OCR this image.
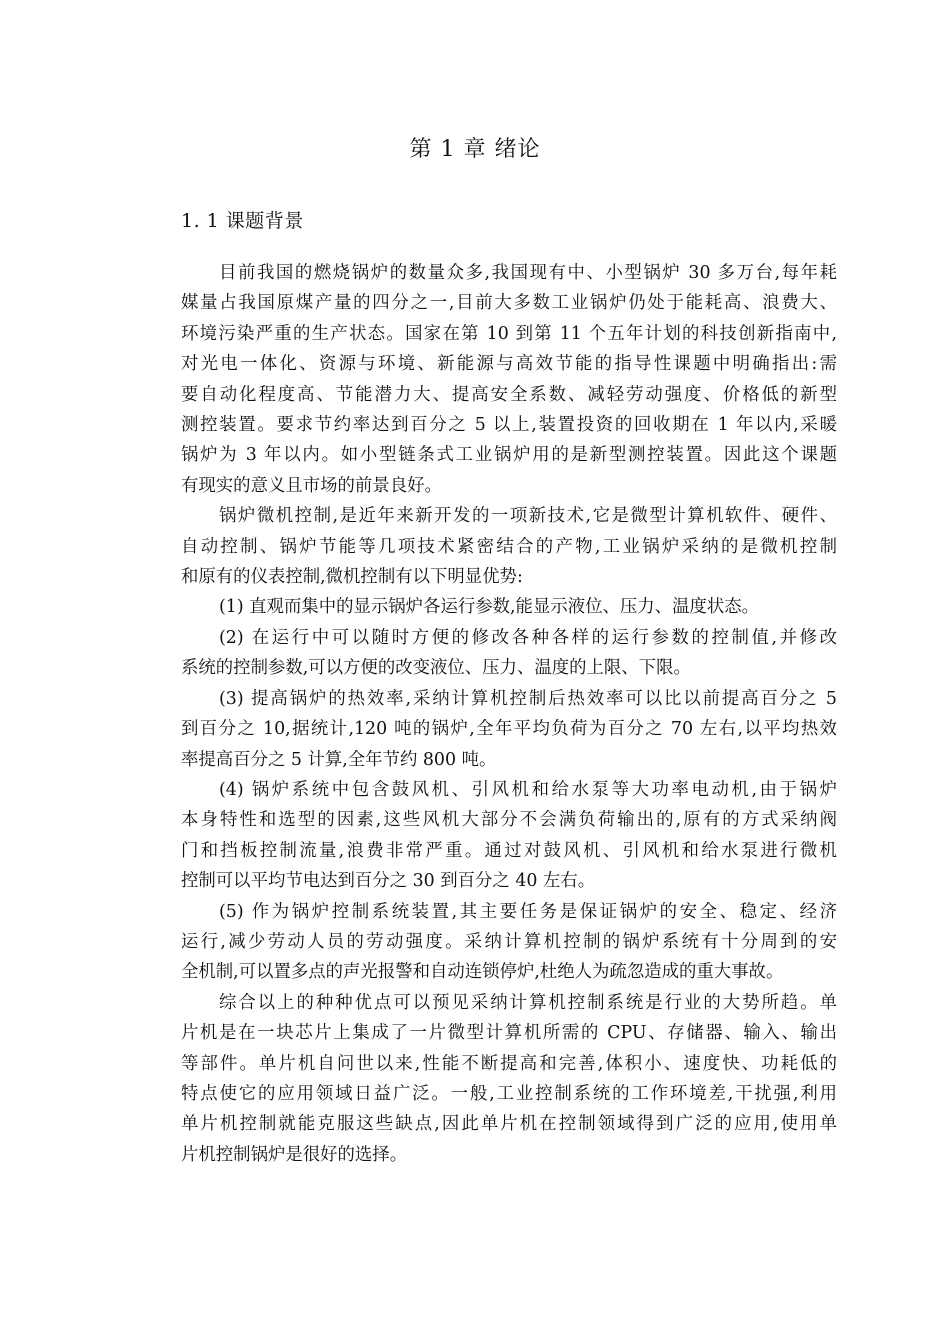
第 1 章 绪论
1. 1 课题背景
目前我国的燃烧锅炉的数量众多,我国现有中、小型锅炉 30 多万台,每年耗
媒量占我国原煤产量的四分之一,目前大多数工业锅炉仍处于能耗高、浪费大、
环境污染严重的生产状态。国家在第 10 到第 11 个五年计划的科技创新指南中,
对光电一体化、资源与环境、新能源与高效节能的指导性课题中明确指出:需
要自动化程度高、节能潜力大、提高安全系数、减轻劳动强度、价格低的新型
测控装置。要求节约率达到百分之 5 以上,装置投资的回收期在 1 年以内,采暖
锅炉为 3 年以内。如小型链条式工业锅炉用的是新型测控装置。因此这个课题
有现实的意义且市场的前景良好。
锅炉微机控制,是近年来新开发的一项新技术,它是微型计算机软件、硬件、
自动控制、锅炉节能等几项技术紧密结合的产物,工业锅炉采纳的是微机控制
和原有的仪表控制,微机控制有以下明显优势:
(1) 直观而集中的显示锅炉各运行参数,能显示液位、压力、温度状态。
(2) 在运行中可以随时方便的修改各种各样的运行参数的控制值,并修改
系统的控制参数,可以方便的改变液位、压力、温度的上限、下限。
(3) 提高锅炉的热效率,采纳计算机控制后热效率可以比以前提高百分之 5
到百分之 10,据统计,120 吨的锅炉,全年平均负荷为百分之 70 左右,以平均热效
率提高百分之 5 计算,全年节约 800 吨。
(4) 锅炉系统中包含鼓风机、引风机和给水泵等大功率电动机,由于锅炉
本身特性和选型的因素,这些风机大部分不会满负荷输出的,原有的方式采纳阀
门和挡板控制流量,浪费非常严重。通过对鼓风机、引风机和给水泵进行微机
控制可以平均节电达到百分之 30 到百分之 40 左右。
(5) 作为锅炉控制系统装置,其主要任务是保证锅炉的安全、稳定、经济
运行,减少劳动人员的劳动强度。采纳计算机控制的锅炉系统有十分周到的安
全机制,可以置多点的声光报警和自动连锁停炉,杜绝人为疏忽造成的重大事故。
综合以上的种种优点可以预见采纳计算机控制系统是行业的大势所趋。单
片机是在一块芯片上集成了一片微型计算机所需的 CPU、存储器、输入、输出
等部件。单片机自问世以来,性能不断提高和完善,体积小、速度快、功耗低的
特点使它的应用领域日益广泛。一般,工业控制系统的工作环境差,干扰强,利用
单片机控制就能克服这些缺点,因此单片机在控制领域得到广泛的应用,使用单
片机控制锅炉是很好的选择。
